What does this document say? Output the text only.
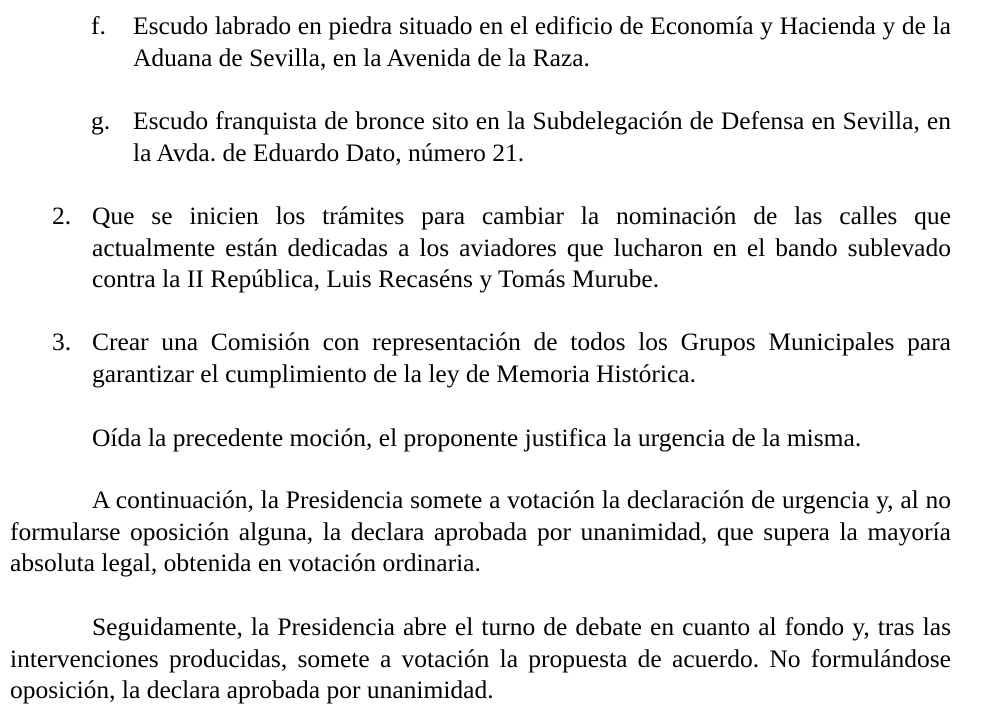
f. Escudo labrado en piedra situado en el edificio de Economía y Hacienda y de la Aduana de Sevilla, en la Avenida de la Raza.
g. Escudo franquista de bronce sito en la Subdelegación de Defensa en Sevilla, en la Avda. de Eduardo Dato, número 21.
2. Que se inicien los trámites para cambiar la nominación de las calles que actualmente están dedicadas a los aviadores que lucharon en el bando sublevado contra la II República, Luis Recaséns y Tomás Murube.
3. Crear una Comisión con representación de todos los Grupos Municipales para garantizar el cumplimiento de la ley de Memoria Histórica.
Oída la precedente moción, el proponente justifica la urgencia de la misma.
A continuación, la Presidencia somete a votación la declaración de urgencia y, al no formularse oposición alguna, la declara aprobada por unanimidad, que supera la mayoría absoluta legal, obtenida en votación ordinaria.
Seguidamente, la Presidencia abre el turno de debate en cuanto al fondo y, tras las intervenciones producidas, somete a votación la propuesta de acuerdo. No formulándose oposición, la declara aprobada por unanimidad.
